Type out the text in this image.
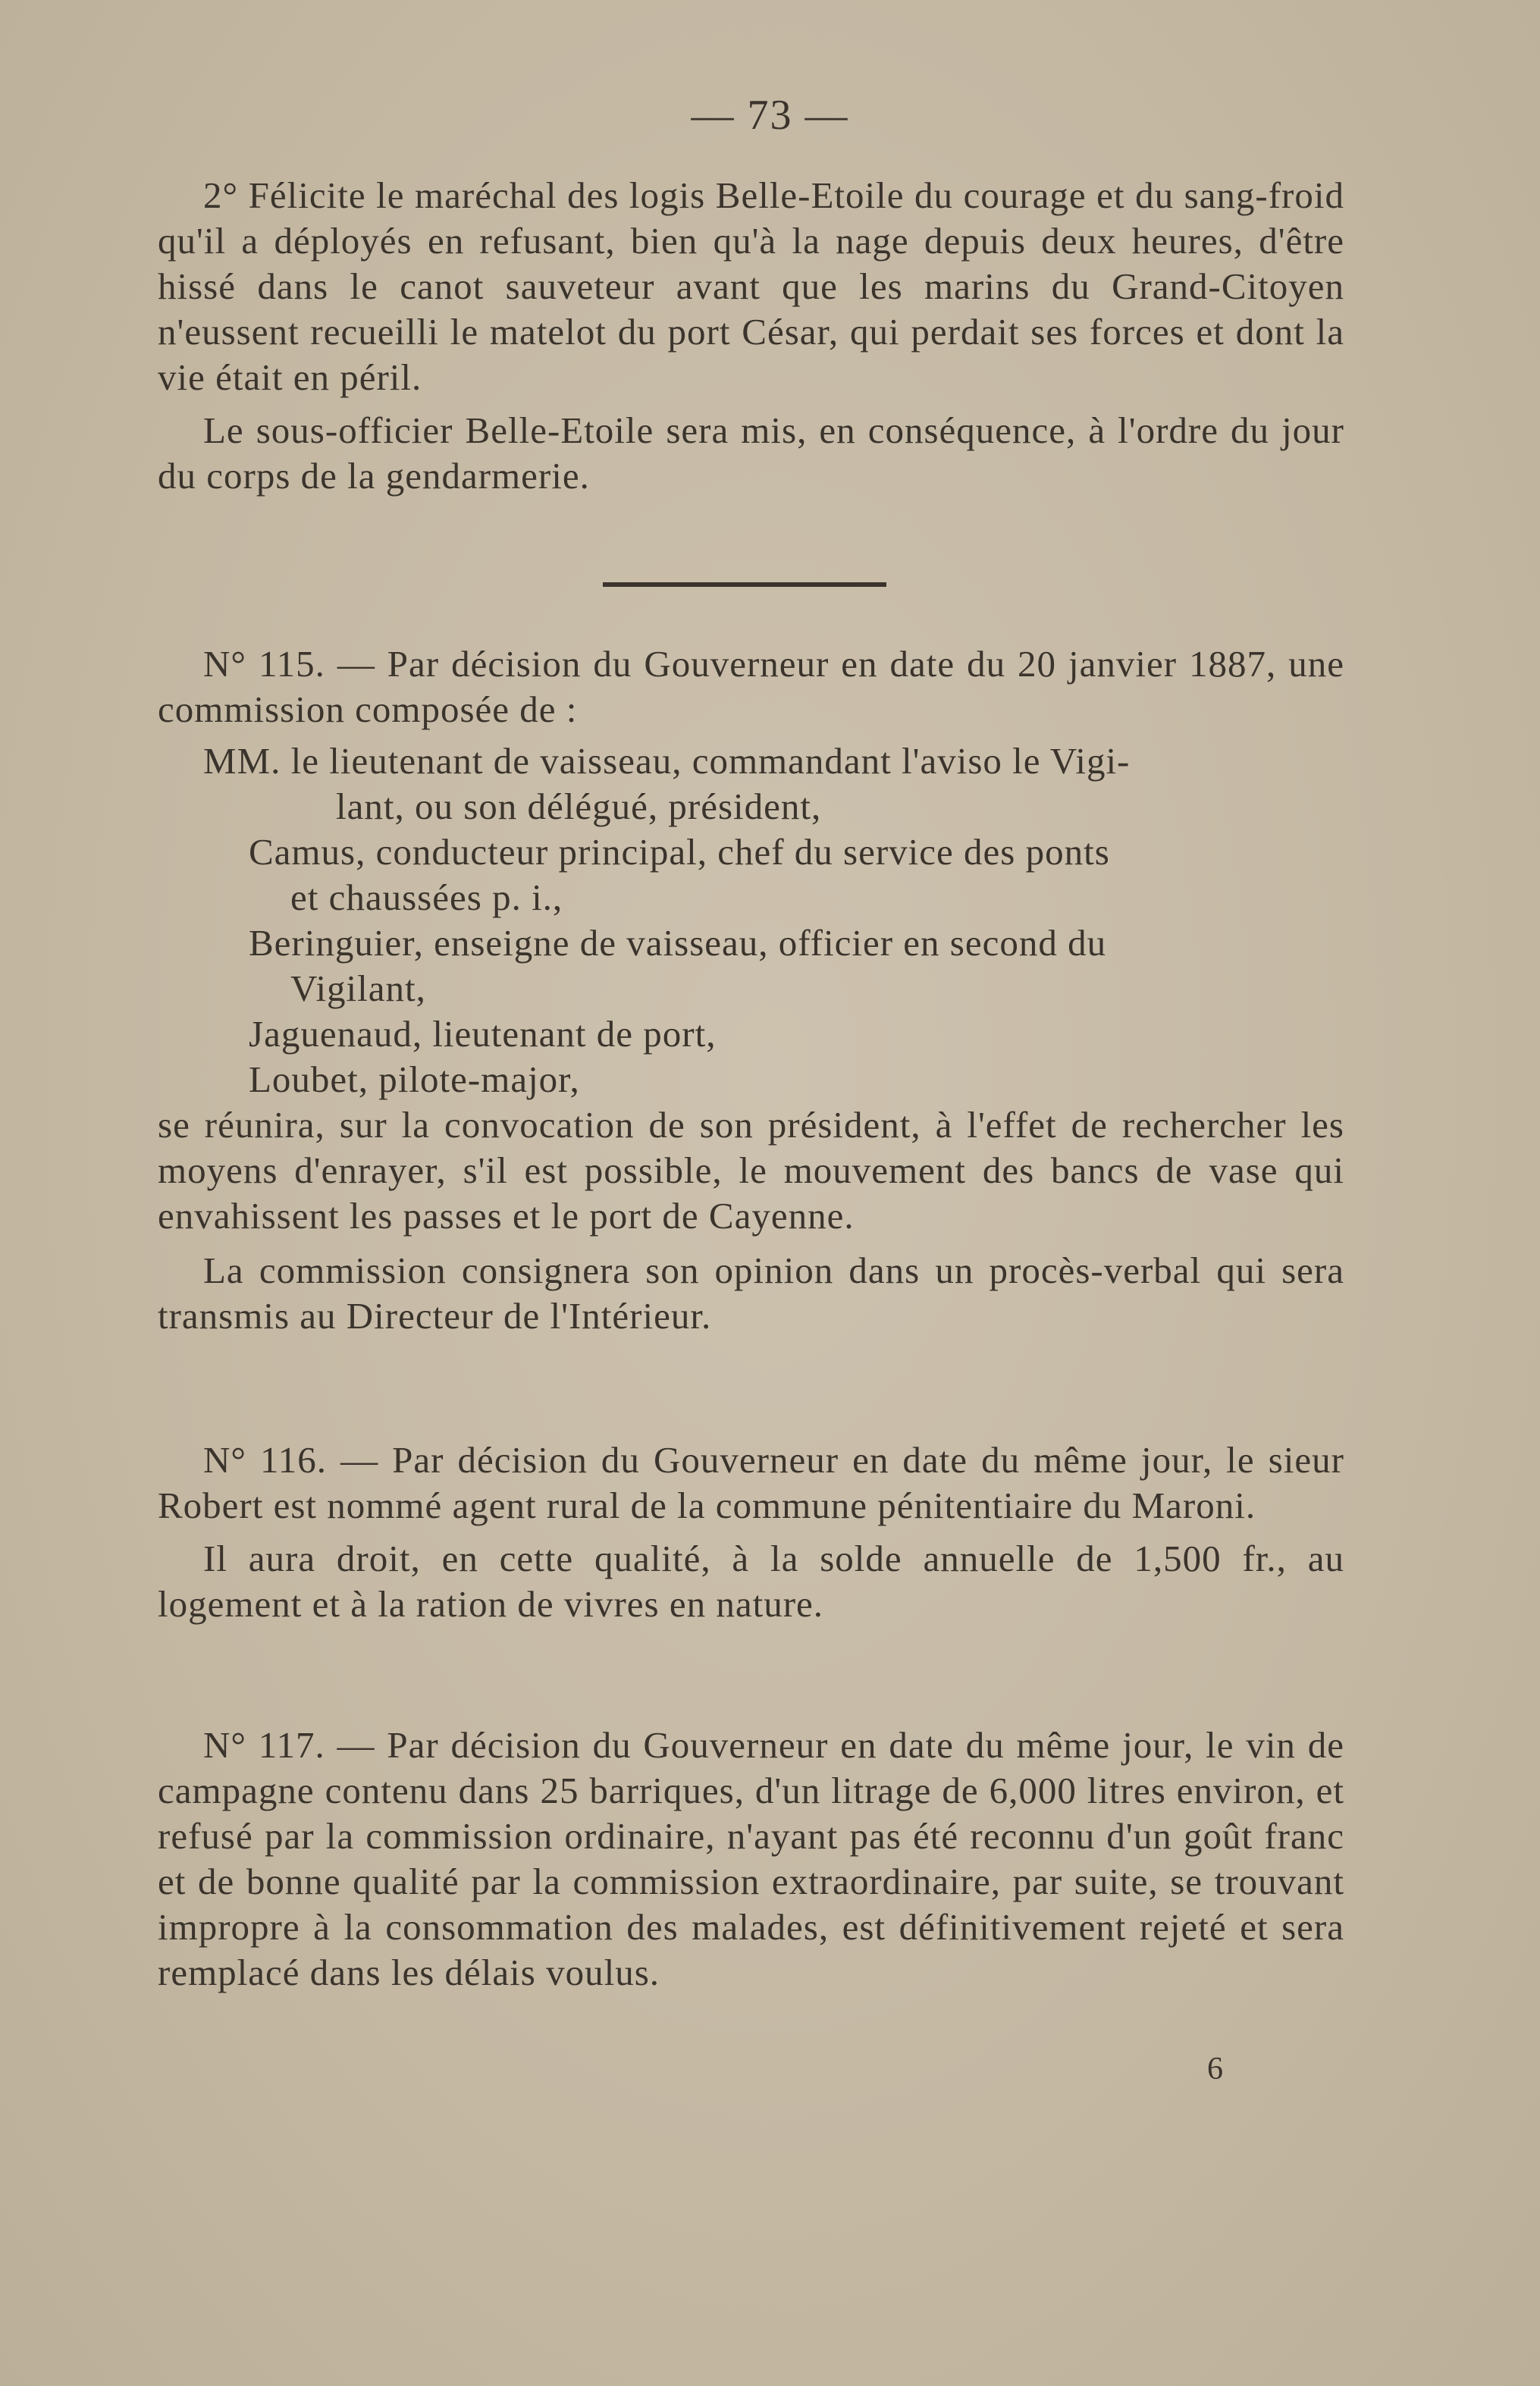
— 73 —

2° Félicite le maréchal des logis Belle-Etoile du courage et du sang-froid qu'il a déployés en refusant, bien qu'à la nage depuis deux heures, d'être hissé dans le canot sauveteur avant que les marins du Grand-Citoyen n'eussent recueilli le matelot du port César, qui perdait ses forces et dont la vie était en péril.

Le sous-officier Belle-Etoile sera mis, en conséquence, à l'ordre du jour du corps de la gendarmerie.

N° 115. — Par décision du Gouverneur en date du 20 janvier 1887, une commission composée de :

MM. le lieutenant de vaisseau, commandant l'aviso le Vigi-
lant, ou son délégué, président,
Camus, conducteur principal, chef du service des ponts
et chaussées p. i.,
Beringuier, enseigne de vaisseau, officier en second du
Vigilant,
Jaguenaud, lieutenant de port,
Loubet, pilote-major,

se réunira, sur la convocation de son président, à l'effet de rechercher les moyens d'enrayer, s'il est possible, le mouvement des bancs de vase qui envahissent les passes et le port de Cayenne.

La commission consignera son opinion dans un procès-verbal qui sera transmis au Directeur de l'Intérieur.

N° 116. — Par décision du Gouverneur en date du même jour, le sieur Robert est nommé agent rural de la commune pénitentiaire du Maroni.

Il aura droit, en cette qualité, à la solde annuelle de 1,500 fr., au logement et à la ration de vivres en nature.

N° 117. — Par décision du Gouverneur en date du même jour, le vin de campagne contenu dans 25 barriques, d'un litrage de 6,000 litres environ, et refusé par la commission ordinaire, n'ayant pas été reconnu d'un goût franc et de bonne qualité par la commission extraordinaire, par suite, se trouvant impropre à la consommation des malades, est définitivement rejeté et sera remplacé dans les délais voulus.

6
